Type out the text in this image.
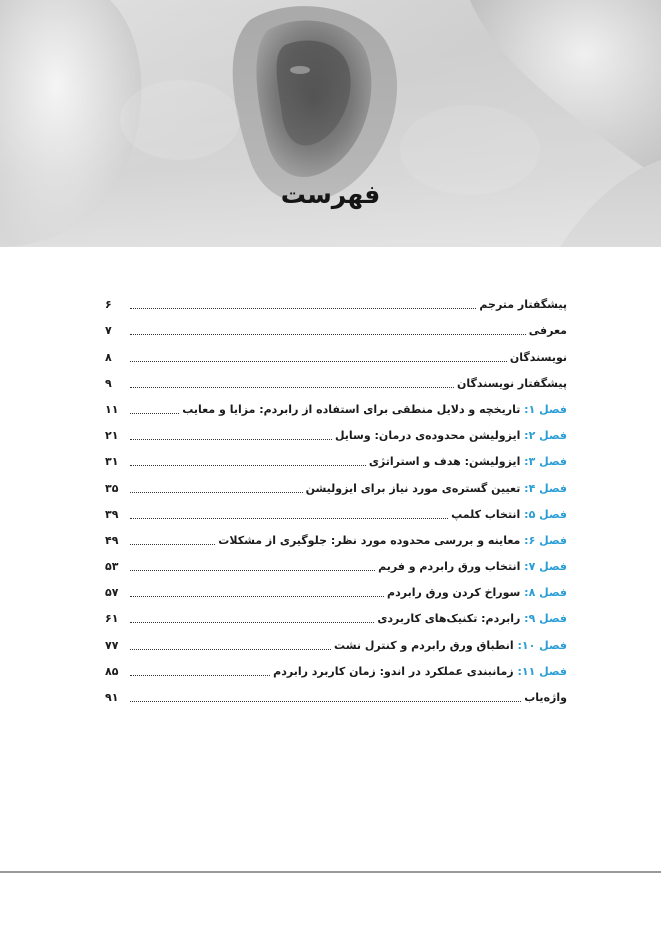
فهرست
پیشگفتار مترجم
۶
معرفی
۷
نویسندگان
۸
پیشگفتار نویسندگان
۹
فصل ۱: تاریخچه و دلایل منطقی برای استفاده از رابردم: مزایا و معایب
۱۱
فصل ۲: ایزولیشن محدوده‌ی درمان: وسایل
۲۱
فصل ۳: ایزولیشن: هدف و استراتژی
۳۱
فصل ۴: تعیین گستره‌ی مورد نیاز برای ایزولیشن
۳۵
فصل ۵: انتخاب کلمپ
۳۹
فصل ۶: معاینه و بررسی محدوده مورد نظر: جلوگیری از مشکلات
۴۹
فصل ۷: انتخاب ورق رابردم و فریم
۵۳
فصل ۸: سوراخ کردن ورق رابردم
۵۷
فصل ۹: رابردم: تکنیک‌های کاربردی
۶۱
فصل ۱۰: انطباق ورق رابردم و کنترل نشت
۷۷
فصل ۱۱: زمانبندی عملکرد در اندو: زمان کاربرد رابردم
۸۵
واژه‌یاب
۹۱
